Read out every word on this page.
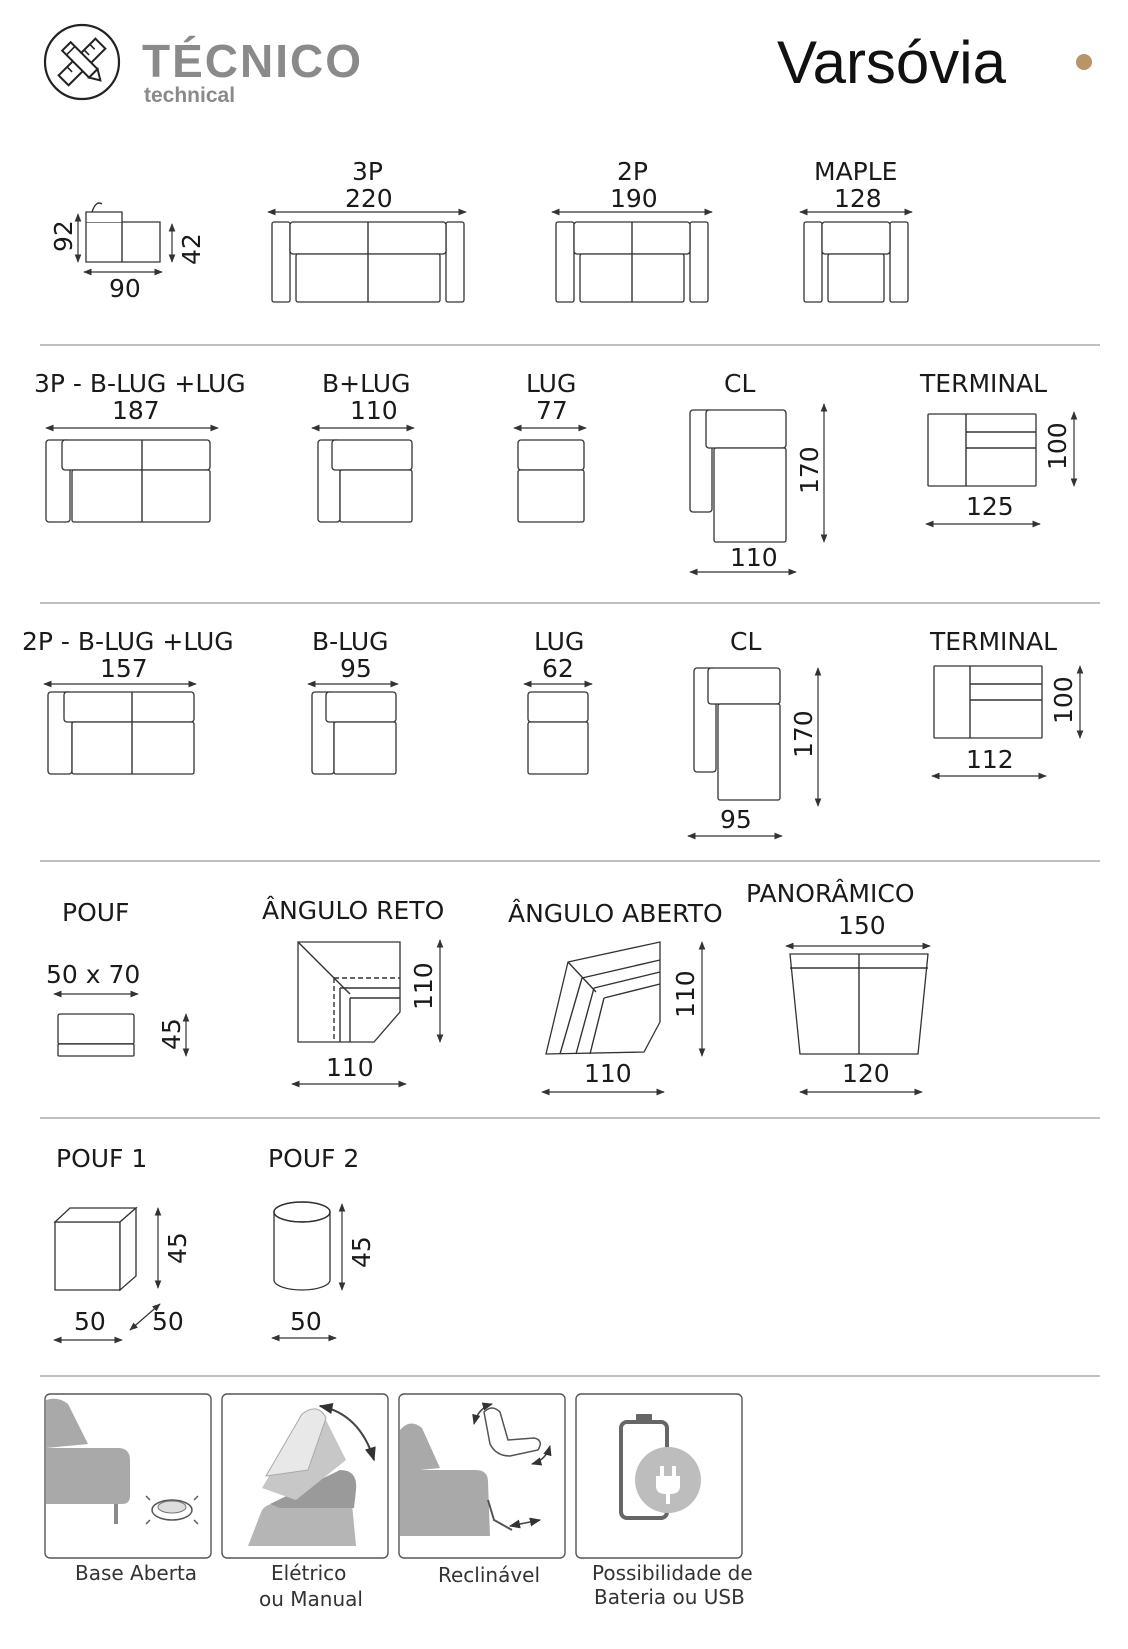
TÉCNICO
technical	Varsóvia
92	42
90
3P
220
2P
190
MAPLE
128
3P - B-LUG +LUG
187
B+LUG
110
LUG
77
CL
170
110
TERMINAL
100
125
2P - B-LUG +LUG
157
B-LUG
95
LUG
62
CL
170
95
TERMINAL
100
112
POUF
50 x 70
45
ÂNGULO RETO
110
110
ÂNGULO ABERTO
110
110
PANORÂMICO
150
120
POUF 1
45
50 50
POUF 2
45
50
Base Aberta	Elétrico
ou Manual
Reclinável	Possibilidade de
Bateria ou USB
